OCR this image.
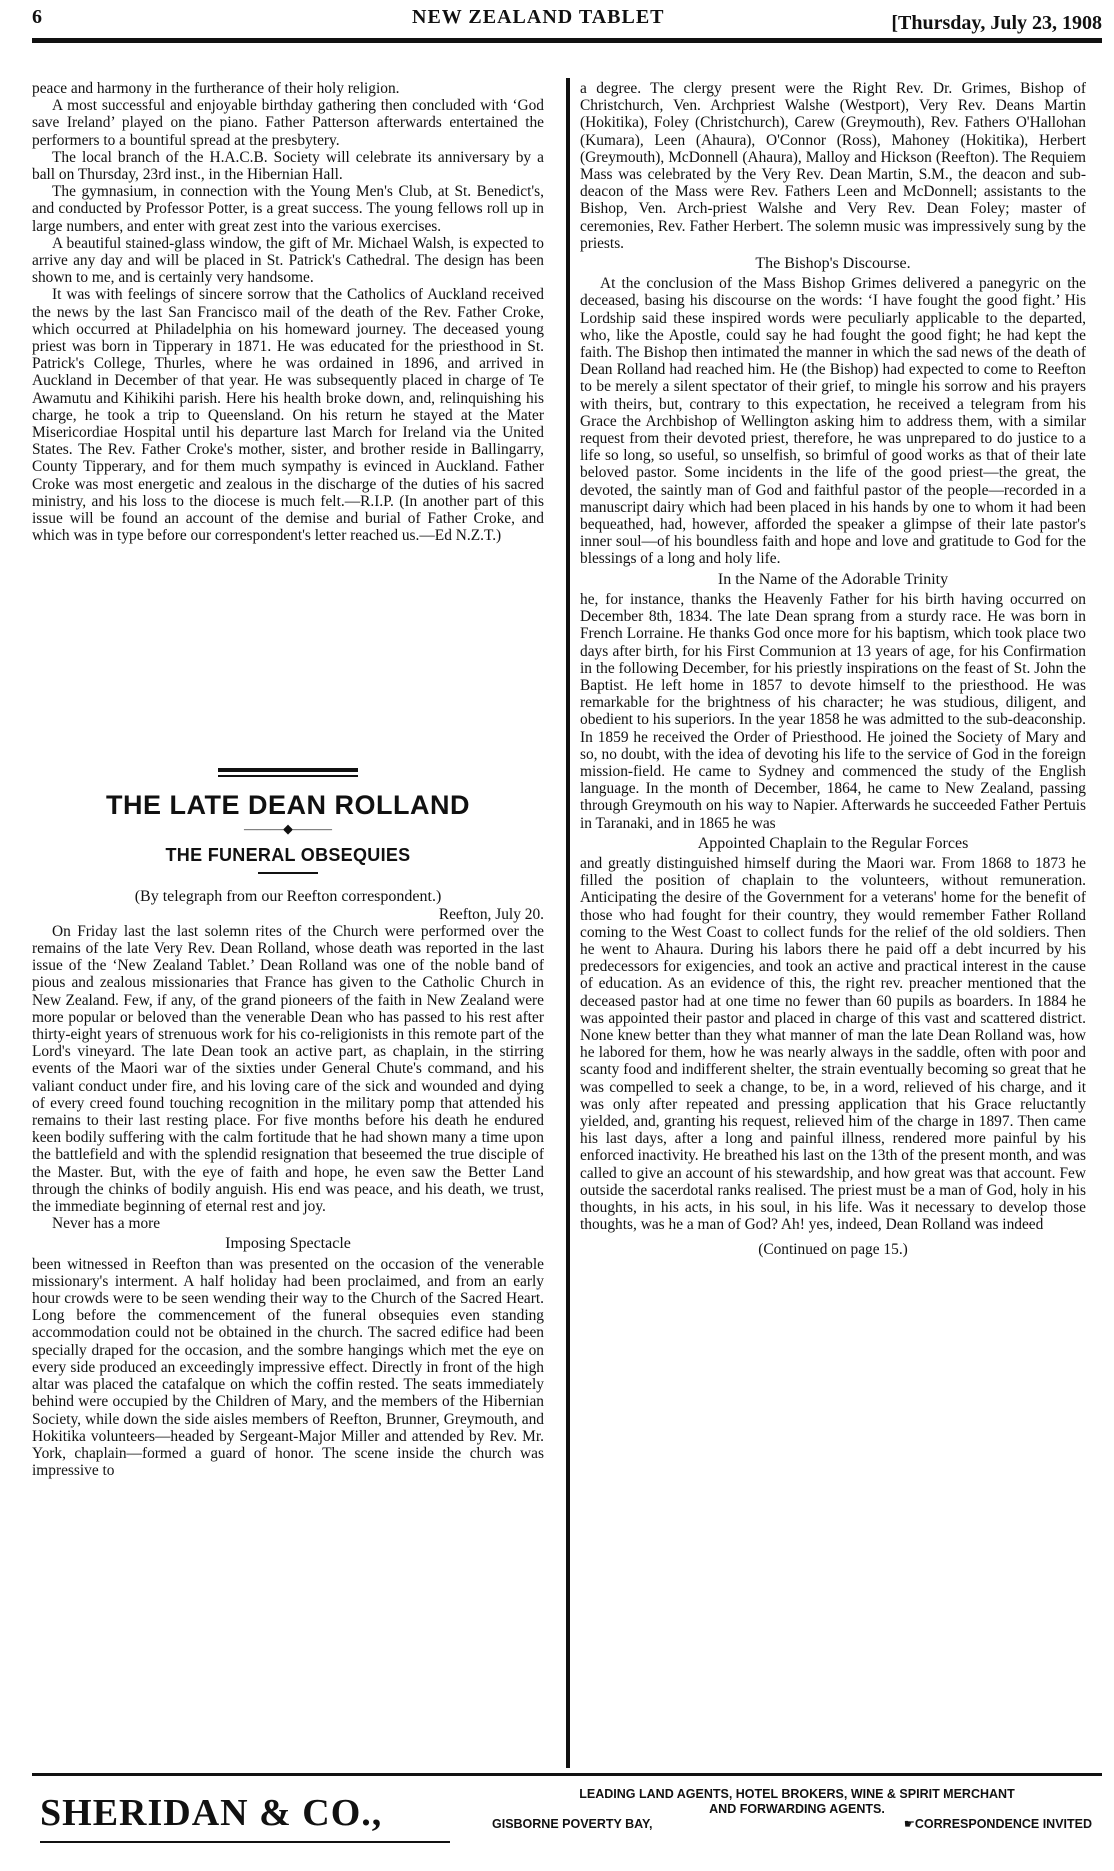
6	NEW ZEALAND TABLET	[Thursday, July 23, 1908

peace and harmony in the furtherance of their holy religion.

A most successful and enjoyable birthday gathering then concluded with ‘God save Ireland’ played on the piano. Father Patterson afterwards entertained the performers to a bountiful spread at the presbytery.

The local branch of the H.A.C.B. Society will celebrate its anniversary by a ball on Thursday, 23rd inst., in the Hibernian Hall.

The gymnasium, in connection with the Young Men's Club, at St. Benedict's, and conducted by Professor Potter, is a great success. The young fellows roll up in large numbers, and enter with great zest into the various exercises.

A beautiful stained-glass window, the gift of Mr. Michael Walsh, is expected to arrive any day and will be placed in St. Patrick's Cathedral. The design has been shown to me, and is certainly very handsome.

It was with feelings of sincere sorrow that the Catholics of Auckland received the news by the last San Francisco mail of the death of the Rev. Father Croke, which occurred at Philadelphia on his homeward journey. The deceased young priest was born in Tipperary in 1871. He was educated for the priesthood in St. Patrick's College, Thurles, where he was ordained in 1896, and arrived in Auckland in December of that year. He was subsequently placed in charge of Te Awamutu and Kihikihi parish. Here his health broke down, and, relinquishing his charge, he took a trip to Queensland. On his return he stayed at the Mater Misericordiae Hospital until his departure last March for Ireland via the United States. The Rev. Father Croke's mother, sister, and brother reside in Ballingarry, County Tipperary, and for them much sympathy is evinced in Auckland. Father Croke was most energetic and zealous in the discharge of the duties of his sacred ministry, and his loss to the diocese is much felt.—R.I.P. (In another part of this issue will be found an account of the demise and burial of Father Croke, and which was in type before our correspondent's letter reached us.—Ed N.Z.T.)

THE LATE DEAN ROLLAND
———◆———
THE FUNERAL OBSEQUIES

(By telegraph from our Reefton correspondent.)

Reefton, July 20.

On Friday last the last solemn rites of the Church were performed over the remains of the late Very Rev. Dean Rolland, whose death was reported in the last issue of the ‘New Zealand Tablet.’ Dean Rolland was one of the noble band of pious and zealous missionaries that France has given to the Catholic Church in New Zealand. Few, if any, of the grand pioneers of the faith in New Zealand were more popular or beloved than the venerable Dean who has passed to his rest after thirty-eight years of strenuous work for his co-religionists in this remote part of the Lord's vineyard. The late Dean took an active part, as chaplain, in the stirring events of the Maori war of the sixties under General Chute's command, and his valiant conduct under fire, and his loving care of the sick and wounded and dying of every creed found touching recognition in the military pomp that attended his remains to their last resting place. For five months before his death he endured keen bodily suffering with the calm fortitude that he had shown many a time upon the battlefield and with the splendid resignation that beseemed the true disciple of the Master. But, with the eye of faith and hope, he even saw the Better Land through the chinks of bodily anguish. His end was peace, and his death, we trust, the immediate beginning of eternal rest and joy.

Never has a more

Imposing Spectacle

been witnessed in Reefton than was presented on the occasion of the venerable missionary's interment. A half holiday had been proclaimed, and from an early hour crowds were to be seen wending their way to the Church of the Sacred Heart. Long before the commencement of the funeral obsequies even standing accommodation could not be obtained in the church. The sacred edifice had been specially draped for the occasion, and the sombre hangings which met the eye on every side produced an exceedingly impressive effect. Directly in front of the high altar was placed the catafalque on which the coffin rested. The seats immediately behind were occupied by the Children of Mary, and the members of the Hibernian Society, while down the side aisles members of Reefton, Brunner, Greymouth, and Hokitika volunteers—headed by Sergeant-Major Miller and attended by Rev. Mr. York, chaplain—formed a guard of honor. The scene inside the church was impressive to

a degree. The clergy present were the Right Rev. Dr. Grimes, Bishop of Christchurch, Ven. Archpriest Walshe (Westport), Very Rev. Deans Martin (Hokitika), Foley (Christchurch), Carew (Greymouth), Rev. Fathers O'Hallohan (Kumara), Leen (Ahaura), O'Connor (Ross), Mahoney (Hokitika), Herbert (Greymouth), McDonnell (Ahaura), Malloy and Hickson (Reefton). The Requiem Mass was celebrated by the Very Rev. Dean Martin, S.M., the deacon and sub-deacon of the Mass were Rev. Fathers Leen and McDonnell; assistants to the Bishop, Ven. Arch-priest Walshe and Very Rev. Dean Foley; master of ceremonies, Rev. Father Herbert. The solemn music was impressively sung by the priests.

The Bishop's Discourse.

At the conclusion of the Mass Bishop Grimes delivered a panegyric on the deceased, basing his discourse on the words: ‘I have fought the good fight.’ His Lordship said these inspired words were peculiarly applicable to the departed, who, like the Apostle, could say he had fought the good fight; he had kept the faith. The Bishop then intimated the manner in which the sad news of the death of Dean Rolland had reached him. He (the Bishop) had expected to come to Reefton to be merely a silent spectator of their grief, to mingle his sorrow and his prayers with theirs, but, contrary to this expectation, he received a telegram from his Grace the Archbishop of Wellington asking him to address them, with a similar request from their devoted priest, therefore, he was unprepared to do justice to a life so long, so useful, so unselfish, so brimful of good works as that of their late beloved pastor. Some incidents in the life of the good priest—the great, the devoted, the saintly man of God and faithful pastor of the people—recorded in a manuscript dairy which had been placed in his hands by one to whom it had been bequeathed, had, however, afforded the speaker a glimpse of their late pastor's inner soul—of his boundless faith and hope and love and gratitude to God for the blessings of a long and holy life.

In the Name of the Adorable Trinity

he, for instance, thanks the Heavenly Father for his birth having occurred on December 8th, 1834. The late Dean sprang from a sturdy race. He was born in French Lorraine. He thanks God once more for his baptism, which took place two days after birth, for his First Communion at 13 years of age, for his Confirmation in the following December, for his priestly inspirations on the feast of St. John the Baptist. He left home in 1857 to devote himself to the priesthood. He was remarkable for the brightness of his character; he was studious, diligent, and obedient to his superiors. In the year 1858 he was admitted to the sub-deaconship. In 1859 he received the Order of Priesthood. He joined the Society of Mary and so, no doubt, with the idea of devoting his life to the service of God in the foreign mission-field. He came to Sydney and commenced the study of the English language. In the month of December, 1864, he came to New Zealand, passing through Greymouth on his way to Napier. Afterwards he succeeded Father Pertuis in Taranaki, and in 1865 he was

Appointed Chaplain to the Regular Forces

and greatly distinguished himself during the Maori war. From 1868 to 1873 he filled the position of chaplain to the volunteers, without remuneration. Anticipating the desire of the Government for a veterans' home for the benefit of those who had fought for their country, they would remember Father Rolland coming to the West Coast to collect funds for the relief of the old soldiers. Then he went to Ahaura. During his labors there he paid off a debt incurred by his predecessors for exigencies, and took an active and practical interest in the cause of education. As an evidence of this, the right rev. preacher mentioned that the deceased pastor had at one time no fewer than 60 pupils as boarders. In 1884 he was appointed their pastor and placed in charge of this vast and scattered district. None knew better than they what manner of man the late Dean Rolland was, how he labored for them, how he was nearly always in the saddle, often with poor and scanty food and indifferent shelter, the strain eventually becoming so great that he was compelled to seek a change, to be, in a word, relieved of his charge, and it was only after repeated and pressing application that his Grace reluctantly yielded, and, granting his request, relieved him of the charge in 1897. Then came his last days, after a long and painful illness, rendered more painful by his enforced inactivity. He breathed his last on the 13th of the present month, and was called to give an account of his stewardship, and how great was that account. Few outside the sacerdotal ranks realised. The priest must be a man of God, holy in his thoughts, in his acts, in his soul, in his life. Was it necessary to develop those thoughts, was he a man of God? Ah! yes, indeed, Dean Rolland was indeed

(Continued on page 15.)
SHERIDAN & CO.,	LEADING LAND AGENTS, HOTEL BROKERS, WINE & SPIRIT MERCHANT
AND FORWARDING AGENTS.
GISBORNE POVERTY BAY,	☛CORRESPONDENCE INVITED
